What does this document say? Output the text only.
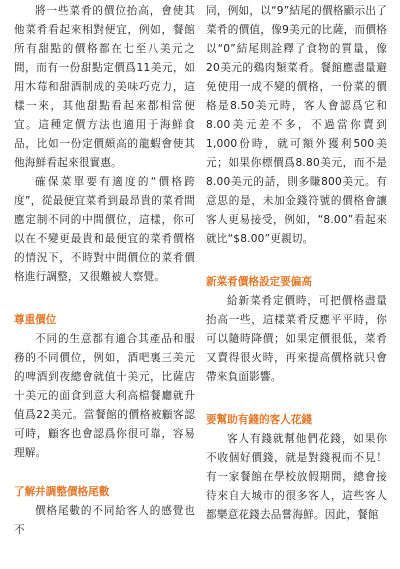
將一些菜肴的價位抬高，會使其他菜肴看起來相對便宜，例如，餐館所有甜點的價格都在七至八美元之間，而有一份甜點定價爲11美元，如用木莓和甜酒制成的美味巧克力，這樣一來，其他甜點看起來都相當便宜。這種定價方法也適用于海鮮食品，比如一份定價頗高的龍蝦會使其他海鮮看起來很實惠。

確保菜單要有適度的“價格跨度”，從最便宜菜肴到最昂貴的菜肴間應定制不同的中間價位，這樣，你可以在不變更最貴和最便宜的菜肴價格的情況下，不時對中間價位的菜肴價格進行調整，又很難被人察覺。

尊重價位

不同的生意都有適合其產品和服務的不同價位，例如，酒吧裏三美元的啤酒到夜總會就值十美元，比薩店十美元的面食到意大利高檔餐廳就升值爲22美元。當餐館的價格被顧客認可時，顧客也會認爲你很可靠，容易理解。

了解并調整價格尾數

價格尾數的不同給客人的感覺也不

同，例如，以“9”結尾的價格顯示出了菜肴的價值，像9美元的比薩，而價格以“0”結尾則詮釋了食物的質量，像20美元的鷄肉類菜肴。餐館應盡量避免使用一成不變的價格，一份菜的價格是8.50美元時，客人會認爲它和8.00美元差不多，不過當你賣到1,000份時，就可額外獲利500美元；如果你標價爲8.80美元，而不是8.00美元的話，則多賺800美元。有意思的是，未加金錢符號的價格會讓客人更易接受，例如，“8.00”看起來就比“$8.00”更親切。

新菜肴價格設定要偏高

給新菜肴定價時，可把價格盡量抬高一些，這樣菜肴反應平平時，你可以隨時降價；如果定價很低，菜肴又賣得很火時，再來提高價格就只會帶來負面影響。

要幫助有錢的客人花錢

客人有錢就幫他們花錢，如果你不收個好價錢，就是對錢視而不見！有一家餐館在學校放假期間，總會接待來自大城市的很多客人，這些客人都樂意花錢去品嘗海鮮。因此，餐館
